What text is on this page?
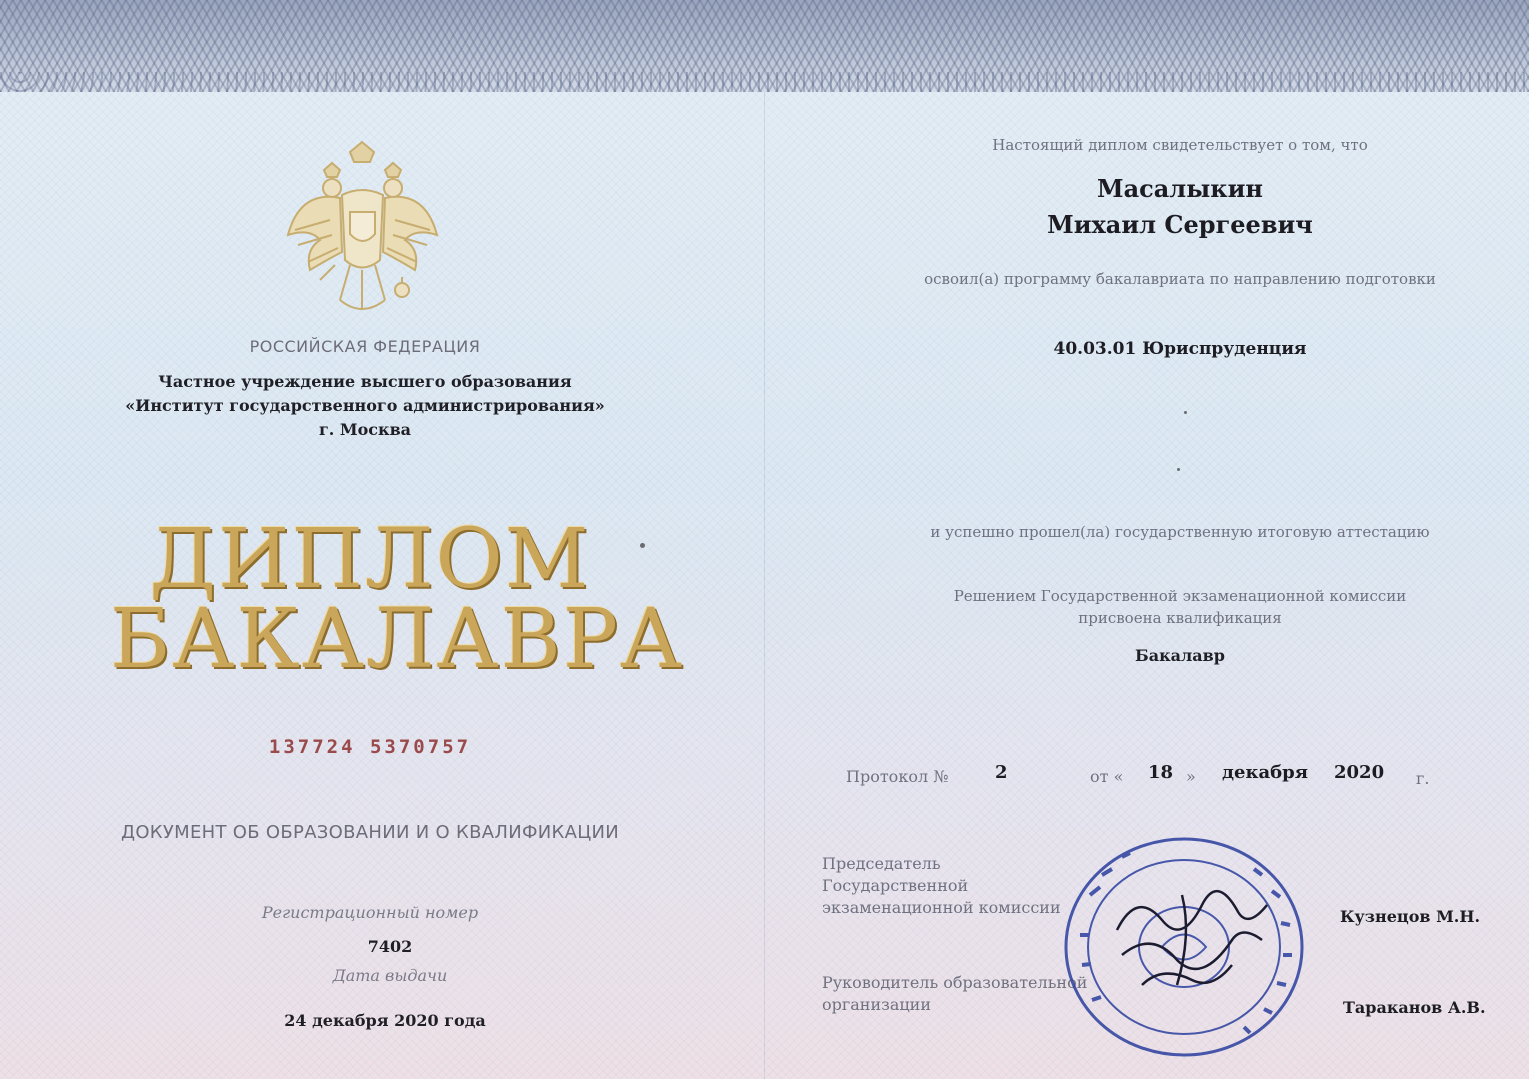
РОССИЙСКАЯ ФЕДЕРАЦИЯ

Частное учреждение высшего образования

«Институт государственного администрирования»

г. Москва

ДИПЛОМ
БАКАЛАВРА

137724 5370757

ДОКУМЕНТ ОБ ОБРАЗОВАНИИ И О КВАЛИФИКАЦИИ

Регистрационный номер

7402

Дата выдачи

24 декабря 2020 года

Настоящий диплом свидетельствует о том, что

Масалыкин

Михаил Сергеевич

освоил(а) программу бакалавриата по направлению подготовки

40.03.01 Юриспруденция

и успешно прошел(ла) государственную итоговую аттестацию

Решением Государственной экзаменационной комиссии

присвоена квалификация

Бакалавр

Протокол №	2	от « 18 » декабря 2020 г.
Председатель
Государственной
экзаменационной комиссии	Кузнецов М.Н.
Руководитель образовательной
организации	Тараканов А.В.
